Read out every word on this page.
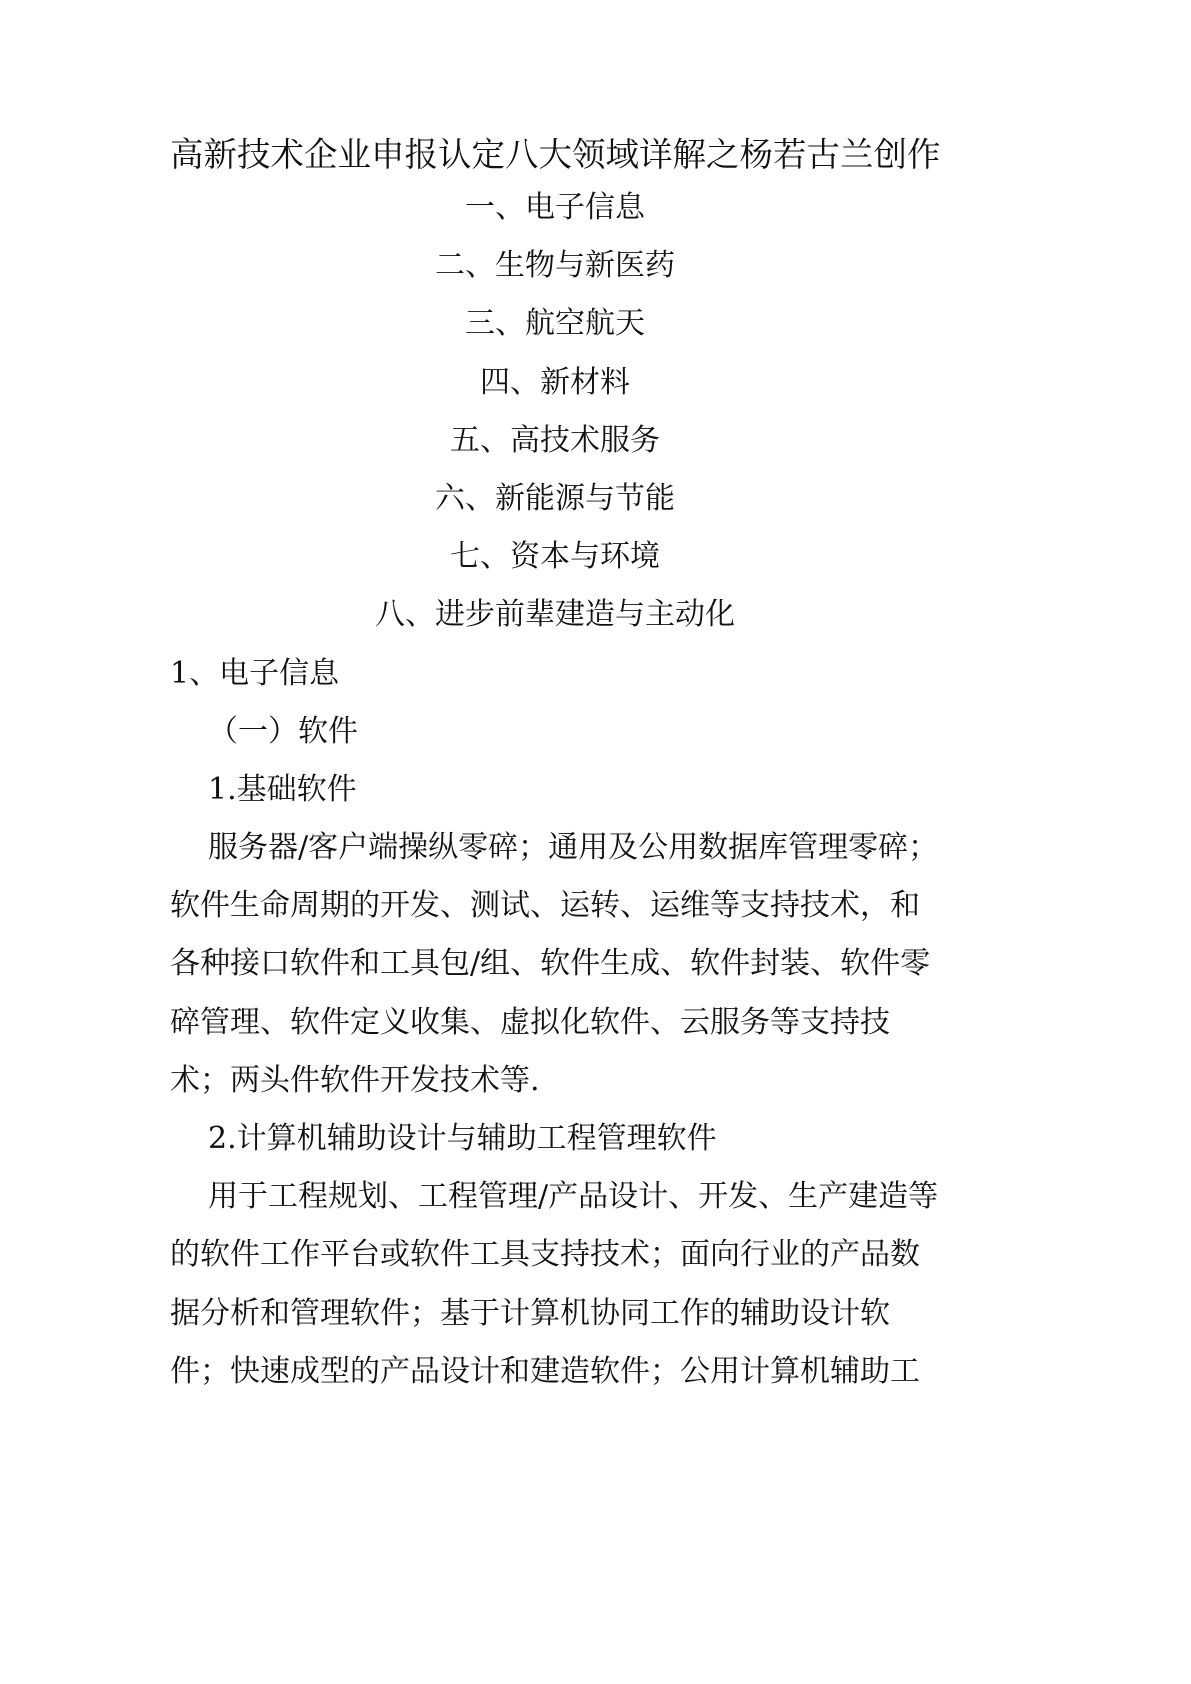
高新技术企业申报认定八大领域详解之杨若古兰创作
一、电子信息
二、生物与新医药
三、航空航天
四、新材料
五、高技术服务
六、新能源与节能
七、资本与环境
八、进步前辈建造与主动化
1、电子信息
（一）软件
1.基础软件
服务器/客户端操纵零碎；通用及公用数据库管理零碎；
软件生命周期的开发、测试、运转、运维等支持技术，和
各种接口软件和工具包/组、软件生成、软件封装、软件零
碎管理、软件定义收集、虚拟化软件、云服务等支持技
术；两头件软件开发技术等.
2.计算机辅助设计与辅助工程管理软件
用于工程规划、工程管理/产品设计、开发、生产建造等
的软件工作平台或软件工具支持技术；面向行业的产品数
据分析和管理软件；基于计算机协同工作的辅助设计软
件；快速成型的产品设计和建造软件；公用计算机辅助工
